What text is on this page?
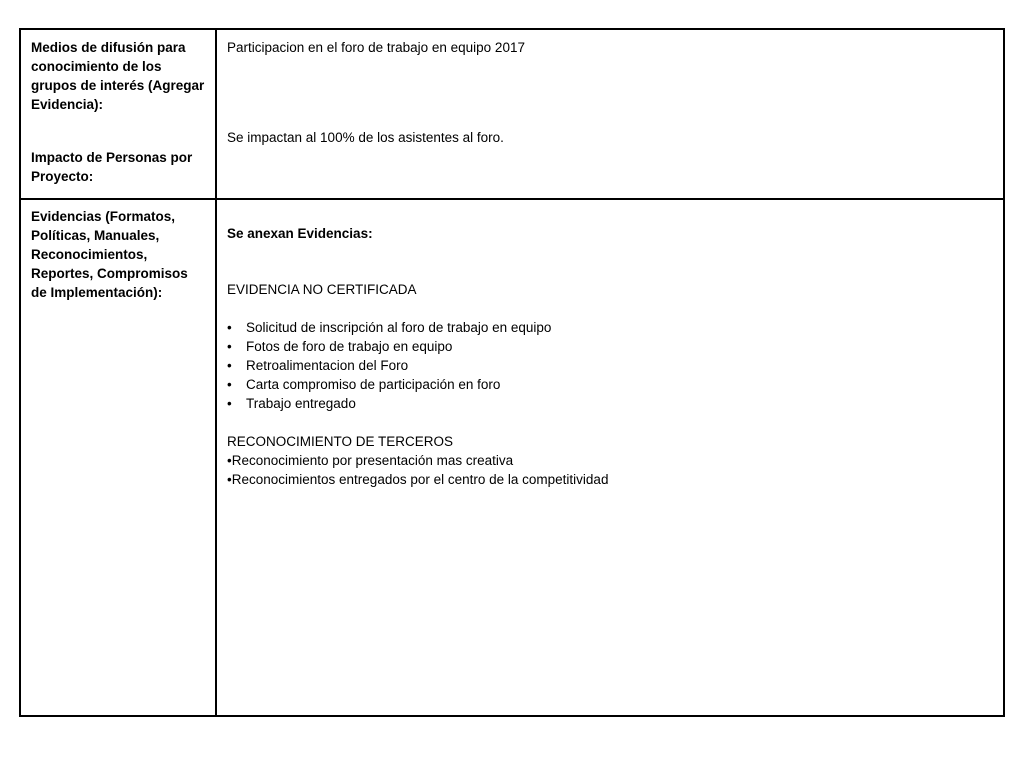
Medios de difusión para conocimiento de los grupos de interés (Agregar Evidencia):
Impacto de Personas por Proyecto:
Participacion en el foro de trabajo en equipo 2017
Se impactan al 100% de los asistentes al foro.
Evidencias (Formatos, Políticas, Manuales, Reconocimientos, Reportes, Compromisos de Implementación):
Se anexan Evidencias:
EVIDENCIA NO CERTIFICADA
• Solicitud de inscripción al foro de trabajo en equipo
• Fotos de foro de trabajo en equipo
• Retroalimentacion del Foro
• Carta compromiso de participación en foro
• Trabajo entregado
RECONOCIMIENTO DE TERCEROS
• Reconocimiento por presentación mas creativa
• Reconocimientos entregados por el centro de la competitividad
